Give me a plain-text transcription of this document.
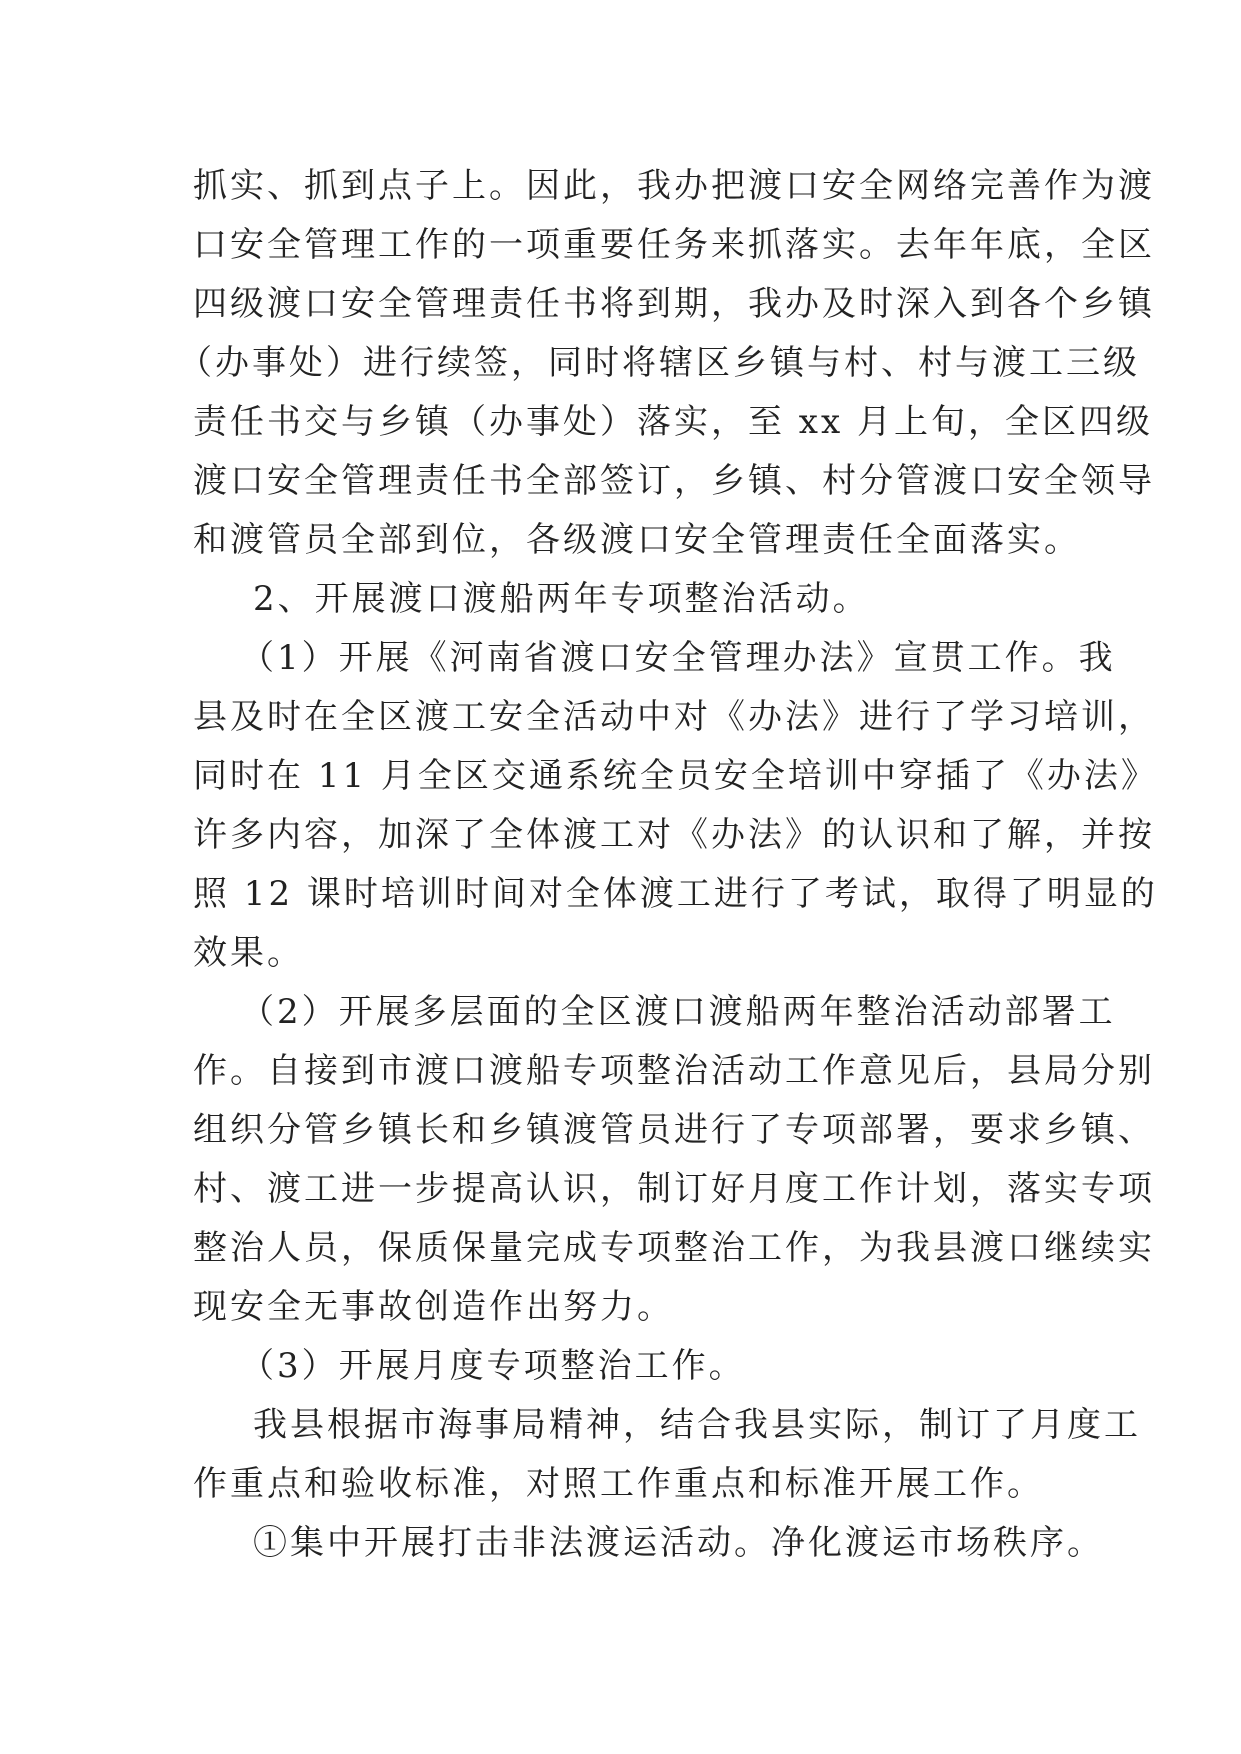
抓实、抓到点子上。因此，我办把渡口安全网络完善作为渡
口安全管理工作的一项重要任务来抓落实。去年年底，全区
四级渡口安全管理责任书将到期，我办及时深入到各个乡镇
（办事处）进行续签，同时将辖区乡镇与村、村与渡工三级
责任书交与乡镇（办事处）落实，至 xx 月上旬，全区四级
渡口安全管理责任书全部签订，乡镇、村分管渡口安全领导
和渡管员全部到位，各级渡口安全管理责任全面落实。
2、开展渡口渡船两年专项整治活动。
（1）开展《河南省渡口安全管理办法》宣贯工作。我
县及时在全区渡工安全活动中对《办法》进行了学习培训，
同时在 11 月全区交通系统全员安全培训中穿插了《办法》
许多内容，加深了全体渡工对《办法》的认识和了解，并按
照 12 课时培训时间对全体渡工进行了考试，取得了明显的
效果。
（2）开展多层面的全区渡口渡船两年整治活动部署工
作。自接到市渡口渡船专项整治活动工作意见后，县局分别
组织分管乡镇长和乡镇渡管员进行了专项部署，要求乡镇、
村、渡工进一步提高认识，制订好月度工作计划，落实专项
整治人员，保质保量完成专项整治工作，为我县渡口继续实
现安全无事故创造作出努力。
（3）开展月度专项整治工作。
我县根据市海事局精神，结合我县实际，制订了月度工
作重点和验收标准，对照工作重点和标准开展工作。
①集中开展打击非法渡运活动。净化渡运市场秩序。
